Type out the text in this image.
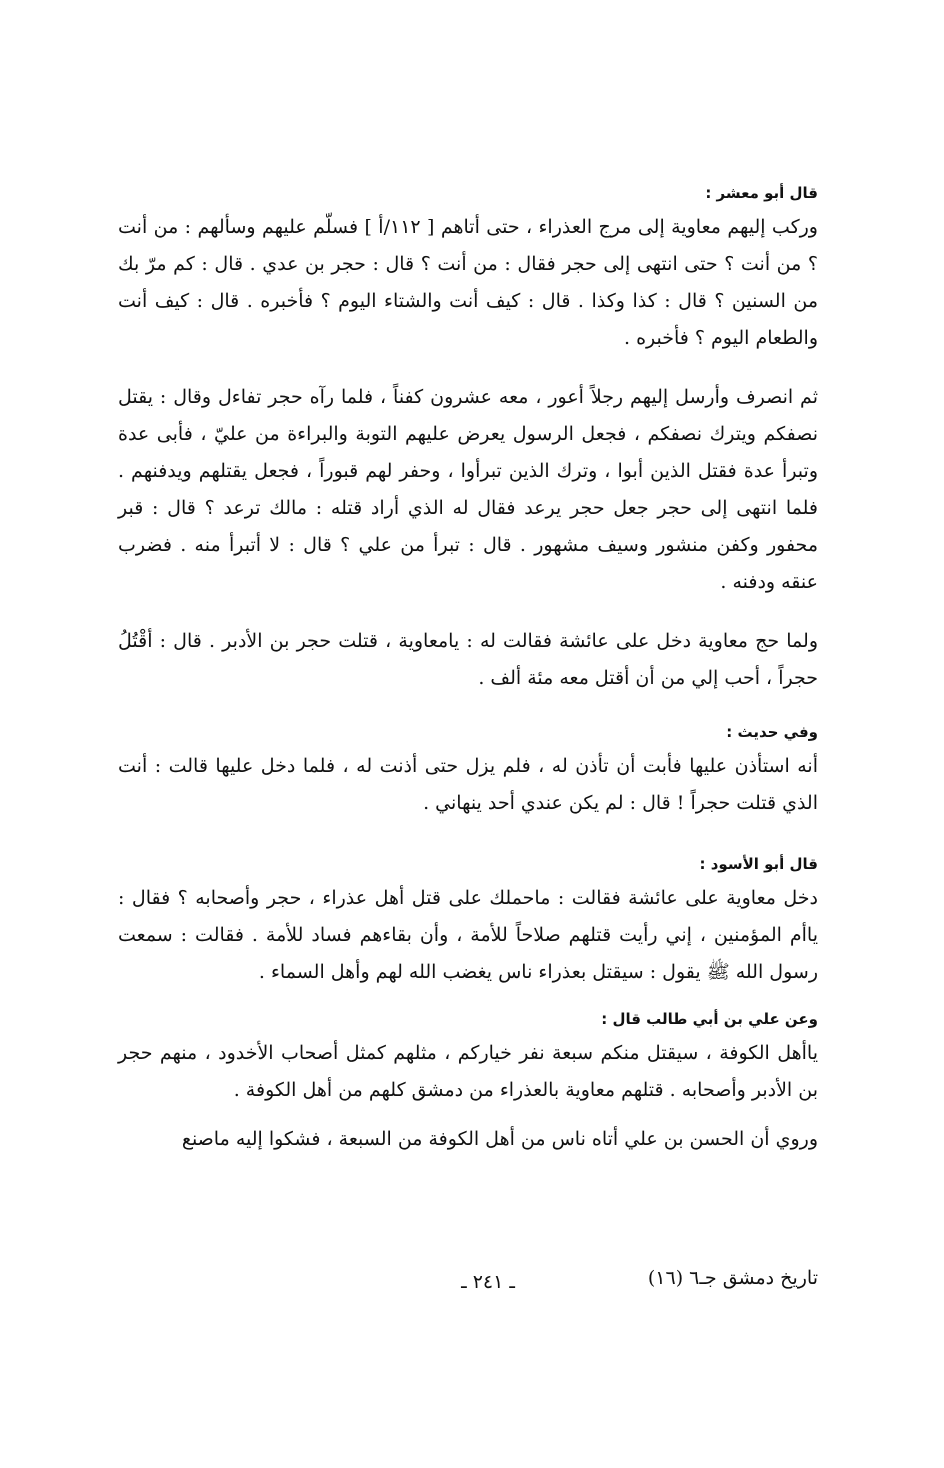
قال أبو معشر :

وركب إليهم معاوية إلى مرج العذراء ، حتى أتاهم [ ١١٢/أ ] فسلّم عليهم وسألهم : من أنت ؟ من أنت ؟ حتى انتهى إلى حجر فقال : من أنت ؟ قال : حجر بن عدي . قال : كم مرّ بك من السنين ؟ قال : كذا وكذا . قال : كيف أنت والشتاء اليوم ؟ فأخبره . قال : كيف أنت والطعام اليوم ؟ فأخبره .

ثم انصرف وأرسل إليهم رجلاً أعور ، معه عشرون كفناً ، فلما رآه حجر تفاءل وقال : يقتل نصفكم ويترك نصفكم ، فجعل الرسول يعرض عليهم التوبة والبراءة من عليّ ، فأبى عدة وتبرأ عدة فقتل الذين أبوا ، وترك الذين تبرأوا ، وحفر لهم قبوراً ، فجعل يقتلهم ويدفنهم . فلما انتهى إلى حجر جعل حجر يرعد فقال له الذي أراد قتله : مالك ترعد ؟ قال : قبر محفور وكفن منشور وسيف مشهور . قال : تبرأ من علي ؟ قال : لا أتبرأ منه . فضرب عنقه ودفنه .

ولما حج معاوية دخل على عائشة فقالت له : يامعاوية ، قتلت حجر بن الأدبر . قال : أقْتُلُ حجراً ، أحب إلي من أن أقتل معه مئة ألف .

وفي حديث :

أنه استأذن عليها فأبت أن تأذن له ، فلم يزل حتى أذنت له ، فلما دخل عليها قالت : أنت الذي قتلت حجراً ! قال : لم يكن عندي أحد ينهاني .

قال أبو الأسود :

دخل معاوية على عائشة فقالت : ماحملك على قتل أهل عذراء ، حجر وأصحابه ؟ فقال : ياأم المؤمنين ، إني رأيت قتلهم صلاحاً للأمة ، وأن بقاءهم فساد للأمة . فقالت : سمعت رسول الله ﷺ يقول : سيقتل بعذراء ناس يغضب الله لهم وأهل السماء .

وعن علي بن أبي طالب قال :

ياأهل الكوفة ، سيقتل منكم سبعة نفر خياركم ، مثلهم كمثل أصحاب الأخدود ، منهم حجر بن الأدبر وأصحابه . قتلهم معاوية بالعذراء من دمشق كلهم من أهل الكوفة .

وروي أن الحسن بن علي أتاه ناس من أهل الكوفة من السبعة ، فشكوا إليه ماصنع

تاريخ دمشق جـ٦ (١٦)
ـ ٢٤١ ـ
